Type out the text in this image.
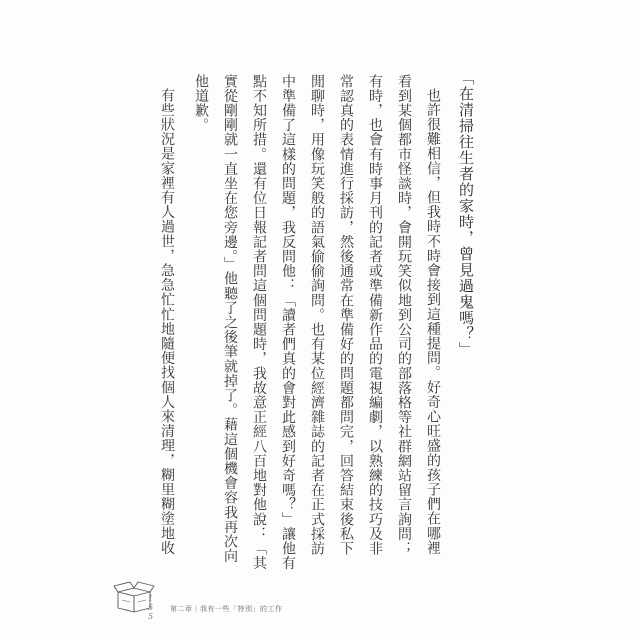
「在清掃往生者的家時，曾見過鬼嗎？」
也許很難相信，但我時不時會接到這種提問。好奇心旺盛的孩子們在哪裡
看到某個都市怪談時，會開玩笑似地到公司的部落格等社群網站留言詢問；
有時，也會有時事月刊的記者或準備新作品的電視編劇，以熟練的技巧及非
常認真的表情進行採訪，然後通常在準備好的問題都問完，回答結束後私下
閒聊時，用像玩笑般的語氣偷偷詢問。也有某位經濟雜誌的記者在正式採訪
中準備了這樣的問題，我反問他：「讀者們真的會對此感到好奇嗎？」讓他有
點不知所措。還有位日報記者問這個問題時，我故意正經八百地對他說：「其
實從剛剛就一直坐在您旁邊。」他聽了之後筆就掉了。藉這個機會容我再次向
他道歉。
有些狀況是家裡有人過世，急急忙忙地隨便找個人來清理，糊里糊塗地收
155 第二章｜我有一些「特別」的工作
